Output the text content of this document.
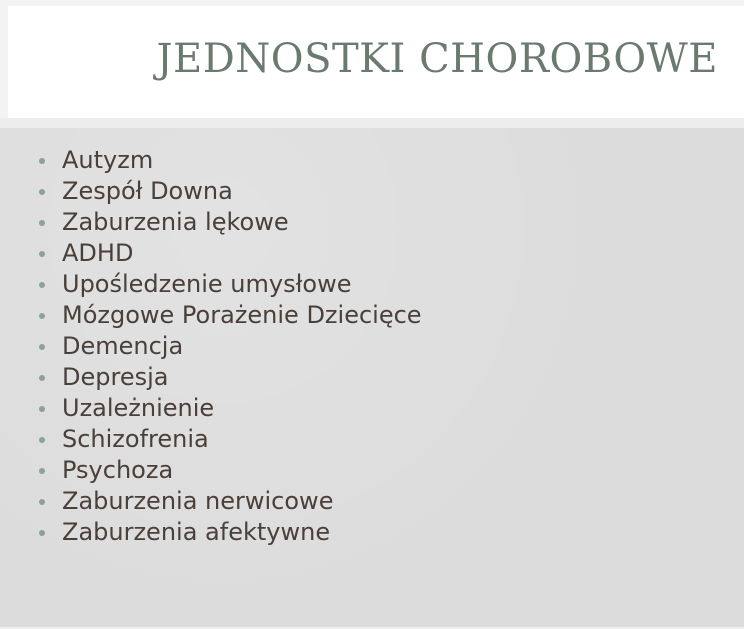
JEDNOSTKI CHOROBOWE
Autyzm
Zespół Downa
Zaburzenia lękowe
ADHD
Upośledzenie umysłowe
Mózgowe Porażenie Dziecięce
Demencja
Depresja
Uzależnienie
Schizofrenia
Psychoza
Zaburzenia nerwicowe
Zaburzenia afektywne
